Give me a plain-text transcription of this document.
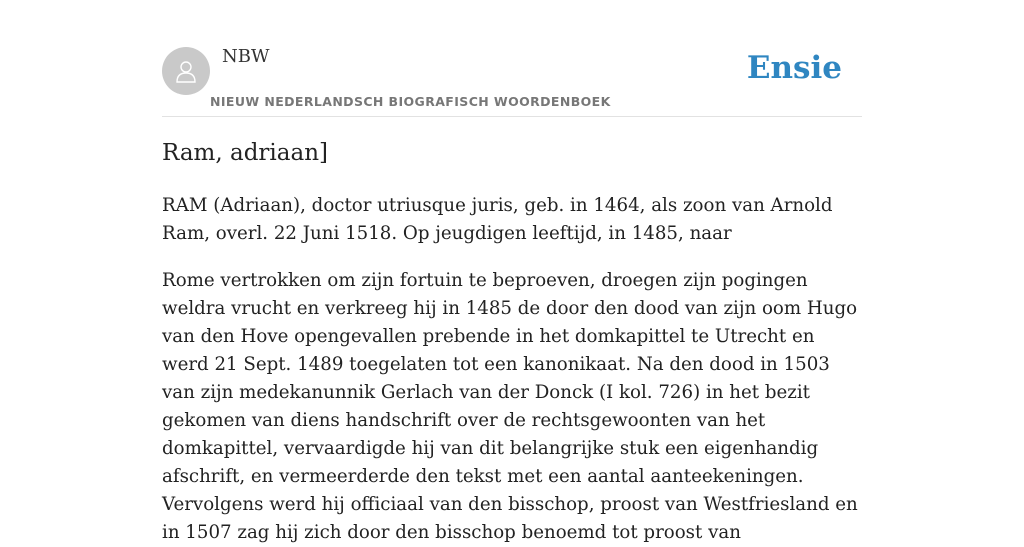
NBW
NIEUW NEDERLANDSCH BIOGRAFISCH WOORDENBOEK
Ensie
Ram, adriaan]

RAM (Adriaan), doctor utriusque juris, geb. in 1464, als zoon van Arnold Ram, overl. 22 Juni 1518. Op jeugdigen leeftijd, in 1485, naar

Rome vertrokken om zijn fortuin te beproeven, droegen zijn pogingen weldra vrucht en verkreeg hij in 1485 de door den dood van zijn oom Hugo van den Hove opengevallen prebende in het domkapittel te Utrecht en werd 21 Sept. 1489 toegelaten tot een kanonikaat. Na den dood in 1503 van zijn medekanunnik Gerlach van der Donck (I kol. 726) in het bezit gekomen van diens handschrift over de rechtsgewoonten van het domkapittel, vervaardigde hij van dit belangrijke stuk een eigenhandig afschrift, en vermeerderde den tekst met een aantal aanteekeningen. Vervolgens werd hij officiaal van den bisschop, proost van Westfriesland en in 1507 zag hij zich door den bisschop benoemd tot proost van
